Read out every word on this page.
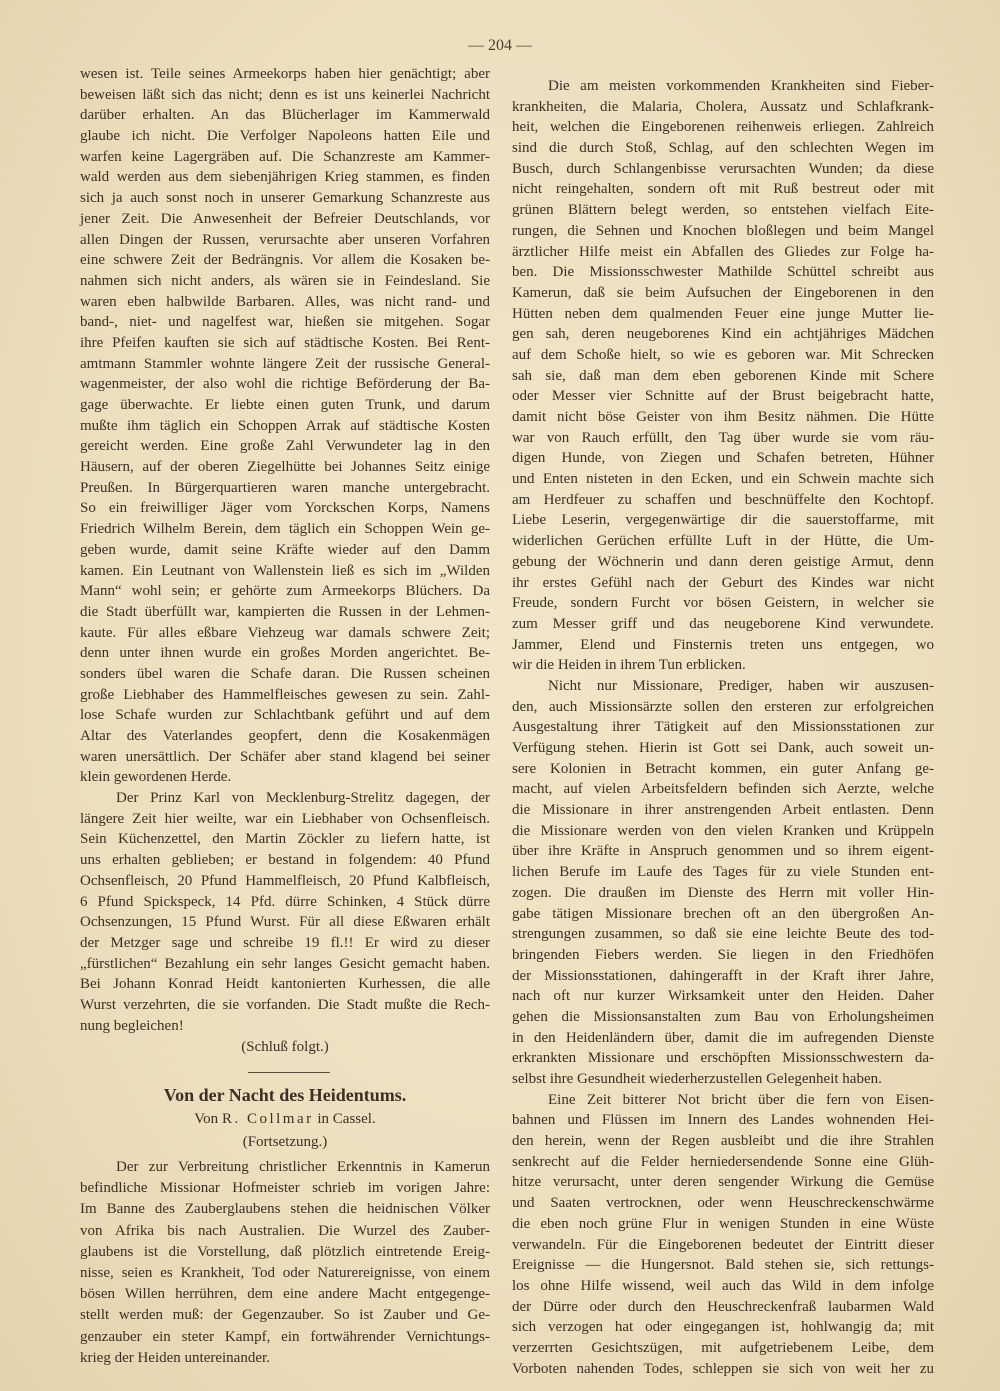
— 204 —
wesen ist. Teile seines Armeekorps haben hier genächtigt; aber
beweisen läßt sich das nicht; denn es ist uns keinerlei Nachricht
darüber erhalten. An das Blücherlager im Kammerwald
glaube ich nicht. Die Verfolger Napoleons hatten Eile und
warfen keine Lagergräben auf. Die Schanzreste am Kammer-
wald werden aus dem siebenjährigen Krieg stammen, es finden
sich ja auch sonst noch in unserer Gemarkung Schanzreste aus
jener Zeit. Die Anwesenheit der Befreier Deutschlands, vor
allen Dingen der Russen, verursachte aber unseren Vorfahren
eine schwere Zeit der Bedrängnis. Vor allem die Kosaken be-
nahmen sich nicht anders, als wären sie in Feindesland. Sie
waren eben halbwilde Barbaren. Alles, was nicht rand- und
band-, niet- und nagelfest war, hießen sie mitgehen. Sogar
ihre Pfeifen kauften sie sich auf städtische Kosten. Bei Rent-
amtmann Stammler wohnte längere Zeit der russische General-
wagenmeister, der also wohl die richtige Beförderung der Ba-
gage überwachte. Er liebte einen guten Trunk, und darum
mußte ihm täglich ein Schoppen Arrak auf städtische Kosten
gereicht werden. Eine große Zahl Verwundeter lag in den
Häusern, auf der oberen Ziegelhütte bei Johannes Seitz einige
Preußen. In Bürgerquartieren waren manche untergebracht.
So ein freiwilliger Jäger vom Yorckschen Korps, Namens
Friedrich Wilhelm Berein, dem täglich ein Schoppen Wein ge-
geben wurde, damit seine Kräfte wieder auf den Damm
kamen. Ein Leutnant von Wallenstein ließ es sich im „Wilden
Mann“ wohl sein; er gehörte zum Armeekorps Blüchers. Da
die Stadt überfüllt war, kampierten die Russen in der Lehmen-
kaute. Für alles eßbare Viehzeug war damals schwere Zeit;
denn unter ihnen wurde ein großes Morden angerichtet. Be-
sonders übel waren die Schafe daran. Die Russen scheinen
große Liebhaber des Hammelfleisches gewesen zu sein. Zahl-
lose Schafe wurden zur Schlachtbank geführt und auf dem
Altar des Vaterlandes geopfert, denn die Kosakenmägen
waren unersättlich. Der Schäfer aber stand klagend bei seiner
klein gewordenen Herde.
Der Prinz Karl von Mecklenburg-Strelitz dagegen, der
längere Zeit hier weilte, war ein Liebhaber von Ochsenfleisch.
Sein Küchenzettel, den Martin Zöckler zu liefern hatte, ist
uns erhalten geblieben; er bestand in folgendem: 40 Pfund
Ochsenfleisch, 20 Pfund Hammelfleisch, 20 Pfund Kalbfleisch,
6 Pfund Spickspeck, 14 Pfd. dürre Schinken, 4 Stück dürre
Ochsenzungen, 15 Pfund Wurst. Für all diese Eßwaren erhält
der Metzger sage und schreibe 19 fl.!! Er wird zu dieser
„fürstlichen“ Bezahlung ein sehr langes Gesicht gemacht haben.
Bei Johann Konrad Heidt kantonierten Kurhessen, die alle
Wurst verzehrten, die sie vorfanden. Die Stadt mußte die Rech-
nung begleichen!
(Schluß folgt.)
Von der Nacht des Heidentums.
Von R. Collmar in Cassel.
(Fortsetzung.)
Der zur Verbreitung christlicher Erkenntnis in Kamerun
befindliche Missionar Hofmeister schrieb im vorigen Jahre:
Im Banne des Zauberglaubens stehen die heidnischen Völker
von Afrika bis nach Australien. Die Wurzel des Zauber-
glaubens ist die Vorstellung, daß plötzlich eintretende Ereig-
nisse, seien es Krankheit, Tod oder Naturereignisse, von einem
bösen Willen herrühren, dem eine andere Macht entgegenge-
stellt werden muß: der Gegenzauber. So ist Zauber und Ge-
genzauber ein steter Kampf, ein fortwährender Vernichtungs-
krieg der Heiden untereinander.
Die am meisten vorkommenden Krankheiten sind Fieber-
krankheiten, die Malaria, Cholera, Aussatz und Schlafkrank-
heit, welchen die Eingeborenen reihenweis erliegen. Zahlreich
sind die durch Stoß, Schlag, auf den schlechten Wegen im
Busch, durch Schlangenbisse verursachten Wunden; da diese
nicht reingehalten, sondern oft mit Ruß bestreut oder mit
grünen Blättern belegt werden, so entstehen vielfach Eite-
rungen, die Sehnen und Knochen bloßlegen und beim Mangel
ärztlicher Hilfe meist ein Abfallen des Gliedes zur Folge ha-
ben. Die Missionsschwester Mathilde Schüttel schreibt aus
Kamerun, daß sie beim Aufsuchen der Eingeborenen in den
Hütten neben dem qualmenden Feuer eine junge Mutter lie-
gen sah, deren neugeborenes Kind ein achtjähriges Mädchen
auf dem Schoße hielt, so wie es geboren war. Mit Schrecken
sah sie, daß man dem eben geborenen Kinde mit Schere
oder Messer vier Schnitte auf der Brust beigebracht hatte,
damit nicht böse Geister von ihm Besitz nähmen. Die Hütte
war von Rauch erfüllt, den Tag über wurde sie vom räu-
digen Hunde, von Ziegen und Schafen betreten, Hühner
und Enten nisteten in den Ecken, und ein Schwein machte sich
am Herdfeuer zu schaffen und beschnüffelte den Kochtopf.
Liebe Leserin, vergegenwärtige dir die sauerstoffarme, mit
widerlichen Gerüchen erfüllte Luft in der Hütte, die Um-
gebung der Wöchnerin und dann deren geistige Armut, denn
ihr erstes Gefühl nach der Geburt des Kindes war nicht
Freude, sondern Furcht vor bösen Geistern, in welcher sie
zum Messer griff und das neugeborene Kind verwundete.
Jammer, Elend und Finsternis treten uns entgegen, wo
wir die Heiden in ihrem Tun erblicken.
Nicht nur Missionare, Prediger, haben wir auszusen-
den, auch Missionsärzte sollen den ersteren zur erfolgreichen
Ausgestaltung ihrer Tätigkeit auf den Missionsstationen zur
Verfügung stehen. Hierin ist Gott sei Dank, auch soweit un-
sere Kolonien in Betracht kommen, ein guter Anfang ge-
macht, auf vielen Arbeitsfeldern befinden sich Aerzte, welche
die Missionare in ihrer anstrengenden Arbeit entlasten. Denn
die Missionare werden von den vielen Kranken und Krüppeln
über ihre Kräfte in Anspruch genommen und so ihrem eigent-
lichen Berufe im Laufe des Tages für zu viele Stunden ent-
zogen. Die draußen im Dienste des Herrn mit voller Hin-
gabe tätigen Missionare brechen oft an den übergroßen An-
strengungen zusammen, so daß sie eine leichte Beute des tod-
bringenden Fiebers werden. Sie liegen in den Friedhöfen
der Missionsstationen, dahingerafft in der Kraft ihrer Jahre,
nach oft nur kurzer Wirksamkeit unter den Heiden. Daher
gehen die Missionsanstalten zum Bau von Erholungsheimen
in den Heidenländern über, damit die im aufregenden Dienste
erkrankten Missionare und erschöpften Missionsschwestern da-
selbst ihre Gesundheit wiederherzustellen Gelegenheit haben.
Eine Zeit bitterer Not bricht über die fern von Eisen-
bahnen und Flüssen im Innern des Landes wohnenden Hei-
den herein, wenn der Regen ausbleibt und die ihre Strahlen
senkrecht auf die Felder herniedersendende Sonne eine Glüh-
hitze verursacht, unter deren sengender Wirkung die Gemüse
und Saaten vertrocknen, oder wenn Heuschreckenschwärme
die eben noch grüne Flur in wenigen Stunden in eine Wüste
verwandeln. Für die Eingeborenen bedeutet der Eintritt dieser
Ereignisse — die Hungersnot. Bald stehen sie, sich rettungs-
los ohne Hilfe wissend, weil auch das Wild in dem infolge
der Dürre oder durch den Heuschreckenfraß laubarmen Wald
sich verzogen hat oder eingegangen ist, hohlwangig da; mit
verzerrten Gesichtszügen, mit aufgetriebenem Leibe, dem
Vorboten nahenden Todes, schleppen sie sich von weit her zu
